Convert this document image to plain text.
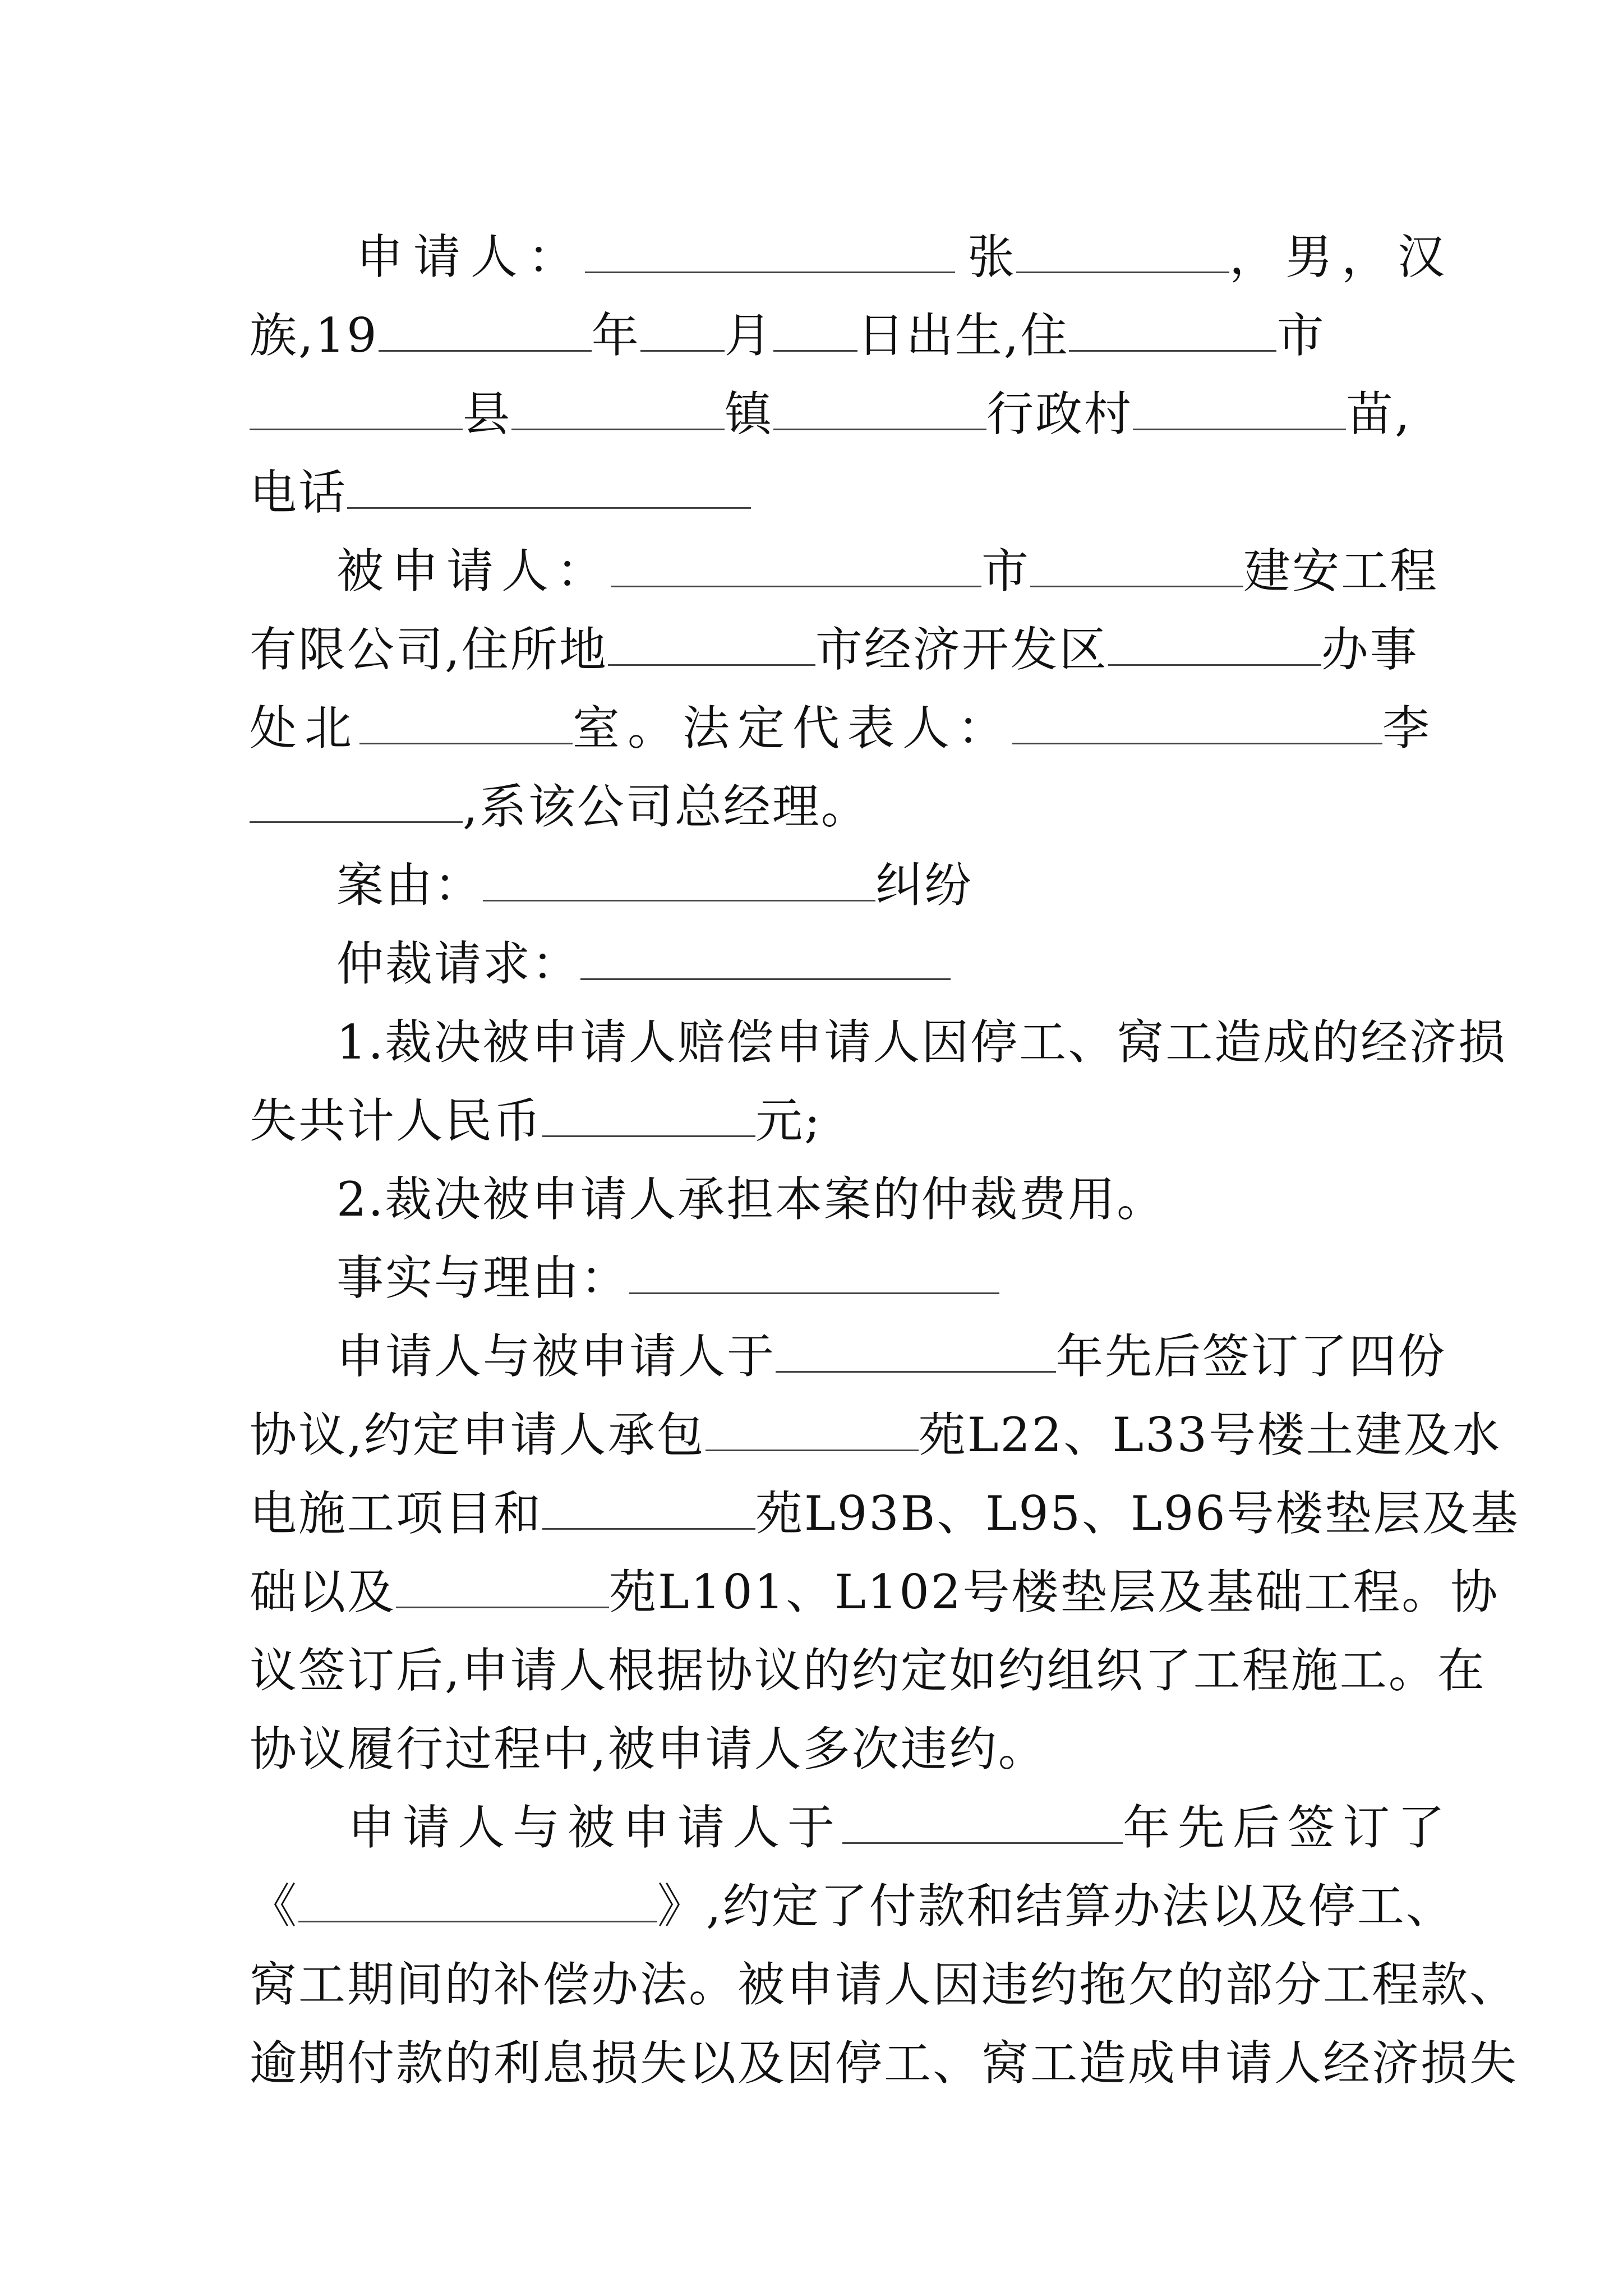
申请人：	张	，男，汉
族,19	年 月 日出生,住	市
县	镇	行政村	苗,
电话
被申请人：	市	建安工程
有限公司,住所地	市经济开发区	办事
处北	室。法定代表人：	李
,系该公司总经理。
案由：	纠纷
仲裁请求：
1.裁决被申请人赔偿申请人因停工、窝工造成的经济损
失共计人民币	元;
2.裁决被申请人承担本案的仲裁费用。
事实与理由：
申请人与被申请人于	年先后签订了四份
协议,约定申请人承包	苑L22、L33号楼土建及水
电施工项目和	苑L93B、L95、L96号楼垫层及基
础以及	苑L101、L102号楼垫层及基础工程。协
议签订后,申请人根据协议的约定如约组织了工程施工。在
协议履行过程中,被申请人多次违约。
申请人与被申请人于	年先后签订了
《	》,约定了付款和结算办法以及停工、
窝工期间的补偿办法。被申请人因违约拖欠的部分工程款、
逾期付款的利息损失以及因停工、窝工造成申请人经济损失
